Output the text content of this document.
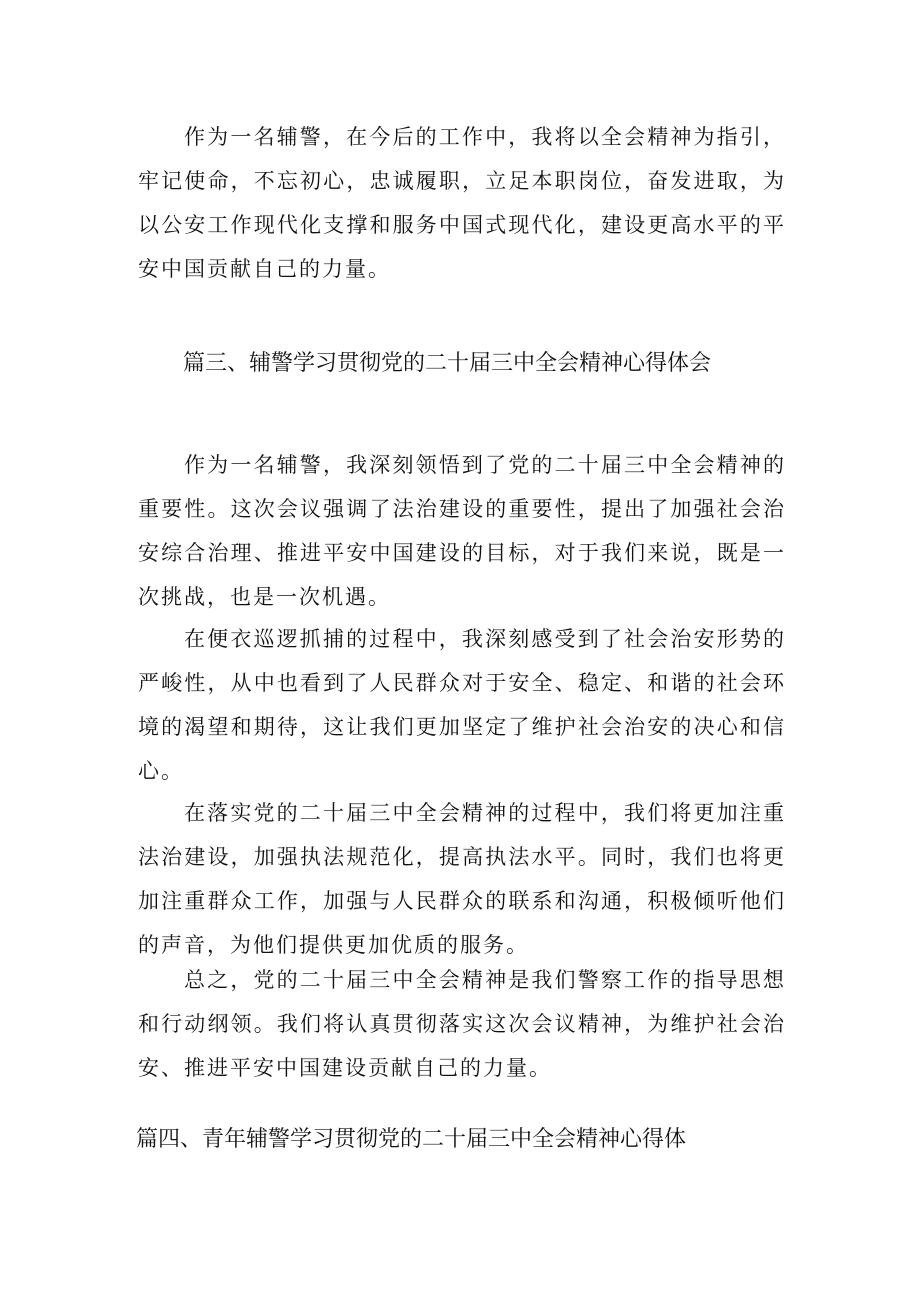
作为一名辅警，在今后的工作中，我将以全会精神为指引，牢记使命，不忘初心，忠诚履职，立足本职岗位，奋发进取，为以公安工作现代化支撑和服务中国式现代化，建设更高水平的平安中国贡献自己的力量。

篇三、辅警学习贯彻党的二十届三中全会精神心得体会

作为一名辅警，我深刻领悟到了党的二十届三中全会精神的重要性。这次会议强调了法治建设的重要性，提出了加强社会治安综合治理、推进平安中国建设的目标，对于我们来说，既是一次挑战，也是一次机遇。

在便衣巡逻抓捕的过程中，我深刻感受到了社会治安形势的严峻性，从中也看到了人民群众对于安全、稳定、和谐的社会环境的渴望和期待，这让我们更加坚定了维护社会治安的决心和信心。

在落实党的二十届三中全会精神的过程中，我们将更加注重法治建设，加强执法规范化，提高执法水平。同时，我们也将更加注重群众工作，加强与人民群众的联系和沟通，积极倾听他们的声音，为他们提供更加优质的服务。

总之，党的二十届三中全会精神是我们警察工作的指导思想和行动纲领。我们将认真贯彻落实这次会议精神，为维护社会治安、推进平安中国建设贡献自己的力量。

篇四、青年辅警学习贯彻党的二十届三中全会精神心得体
